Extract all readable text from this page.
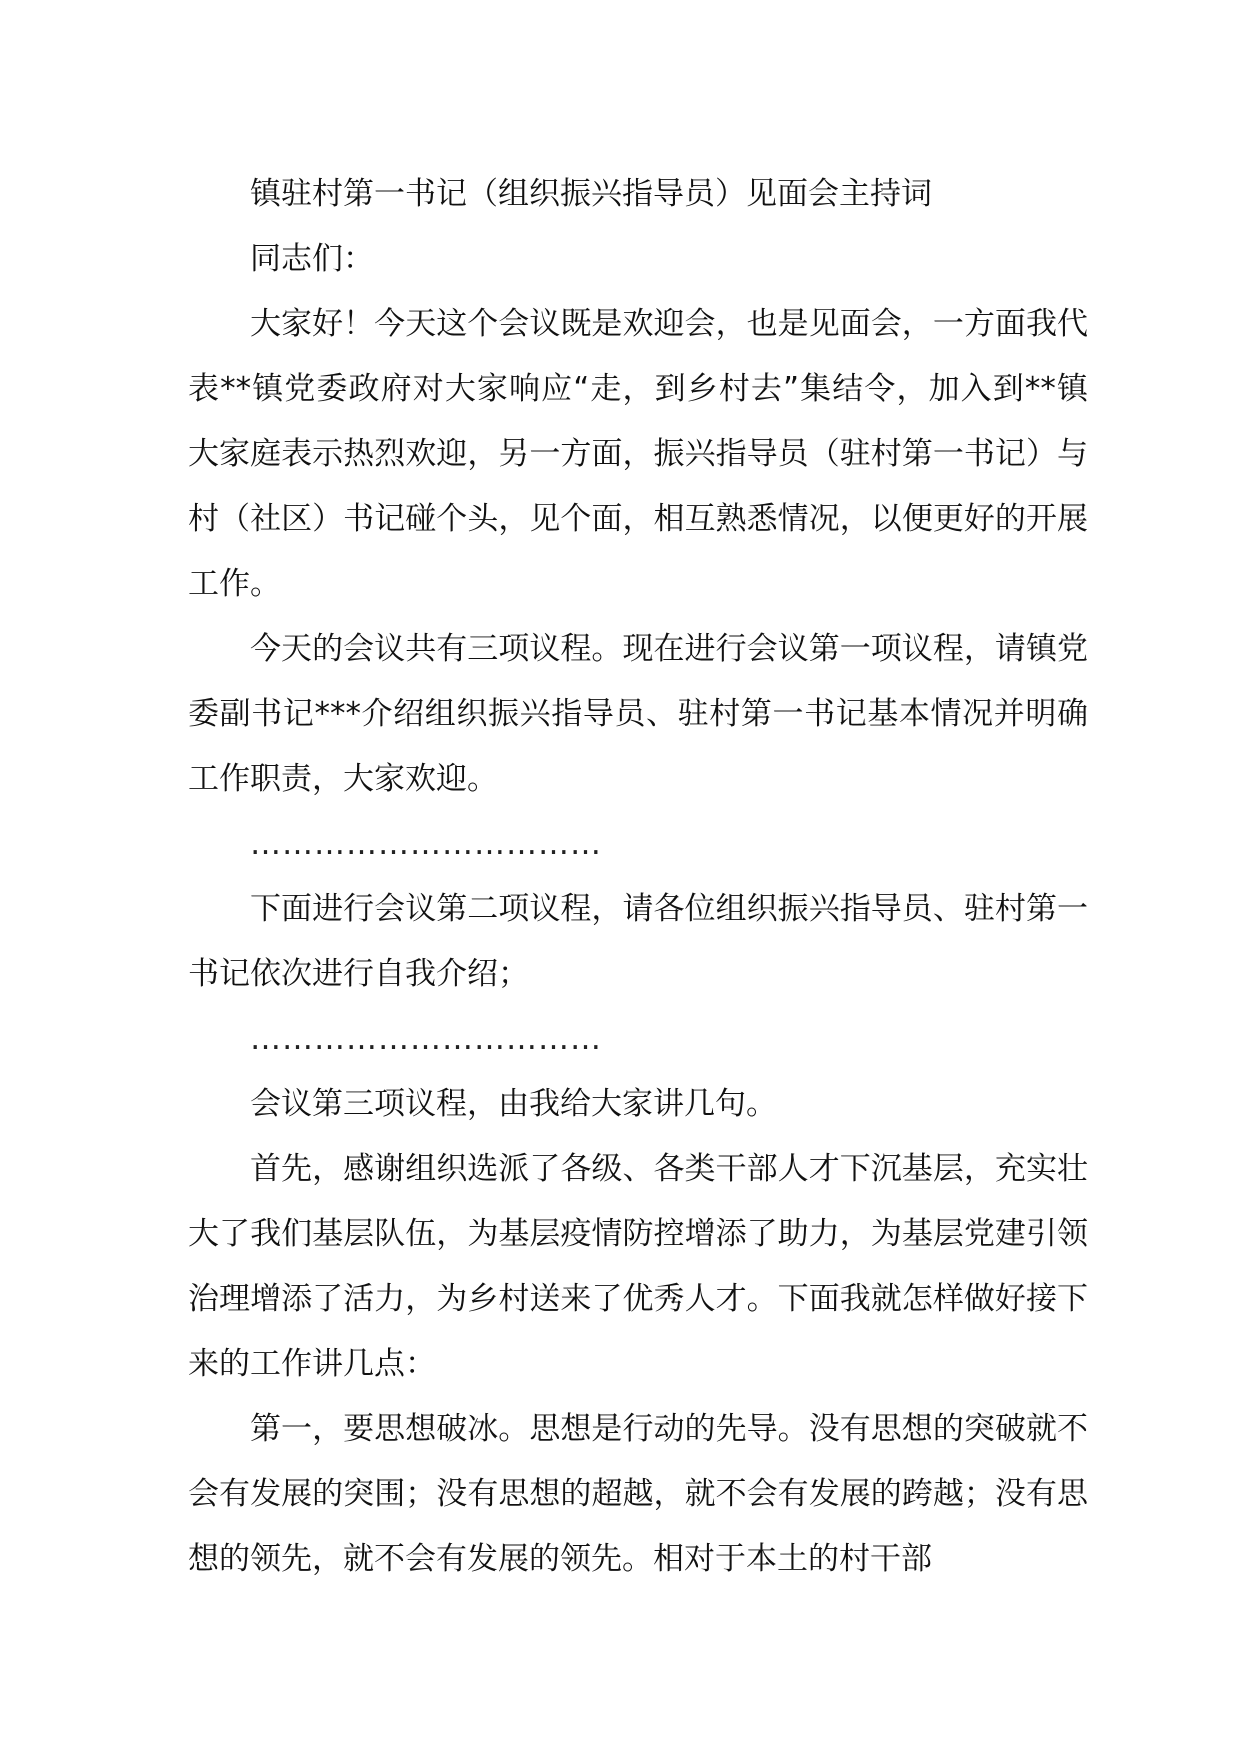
镇驻村第一书记（组织振兴指导员）见面会主持词

同志们：

大家好！今天这个会议既是欢迎会，也是见面会，一方面我代表**镇党委政府对大家响应“走，到乡村去”集结令，加入到**镇大家庭表示热烈欢迎，另一方面，振兴指导员（驻村第一书记）与村（社区）书记碰个头，见个面，相互熟悉情况，以便更好的开展工作。

今天的会议共有三项议程。现在进行会议第一项议程，请镇党委副书记***介绍组织振兴指导员、驻村第一书记基本情况并明确工作职责，大家欢迎。

……………………………

下面进行会议第二项议程，请各位组织振兴指导员、驻村第一书记依次进行自我介绍；

……………………………

会议第三项议程，由我给大家讲几句。

首先，感谢组织选派了各级、各类干部人才下沉基层，充实壮大了我们基层队伍，为基层疫情防控增添了助力，为基层党建引领治理增添了活力，为乡村送来了优秀人才。下面我就怎样做好接下来的工作讲几点：

第一，要思想破冰。思想是行动的先导。没有思想的突破就不会有发展的突围；没有思想的超越，就不会有发展的跨越；没有思想的领先，就不会有发展的领先。相对于本土的村干部
